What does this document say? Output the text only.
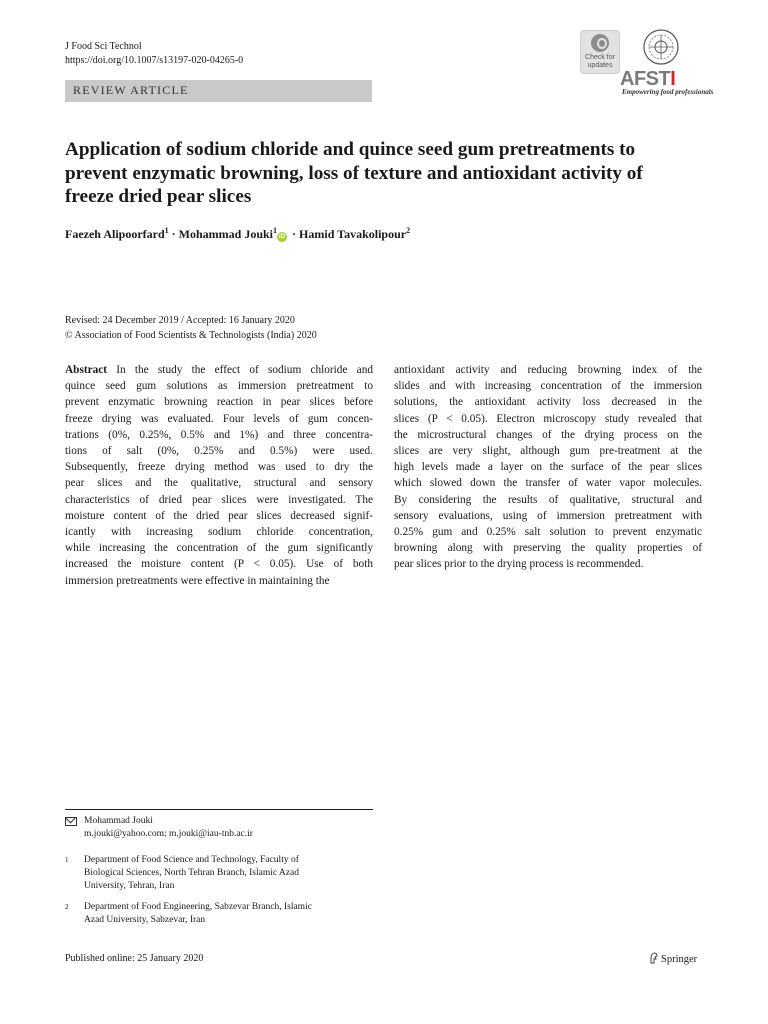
J Food Sci Technol
https://doi.org/10.1007/s13197-020-04265-0
REVIEW ARTICLE
Check for updates
AFSTI
Empowering food professionals
Application of sodium chloride and quince seed gum pretreatments to prevent enzymatic browning, loss of texture and antioxidant activity of freeze dried pear slices
Faezeh Alipoorfard$^1$ · Mohammad Jouki$^1$iD · Hamid Tavakolipour$^2$
Revised: 24 December 2019 / Accepted: 16 January 2020
© Association of Food Scientists & Technologists (India) 2020
Abstract In the study the effect of sodium chloride and
quince seed gum solutions as immersion pretreatment to
prevent enzymatic browning reaction in pear slices before
freeze drying was evaluated. Four levels of gum concen-
trations (0%, 0.25%, 0.5% and 1%) and three concentra-
tions of salt (0%, 0.25% and 0.5%) were used.
Subsequently, freeze drying method was used to dry the
pear slices and the qualitative, structural and sensory
characteristics of dried pear slices were investigated. The
moisture content of the dried pear slices decreased signif-
icantly with increasing sodium chloride concentration,
while increasing the concentration of the gum significantly
increased the moisture content (P < 0.05). Use of both
immersion pretreatments were effective in maintaining the
antioxidant activity and reducing browning index of the
slides and with increasing concentration of the immersion
solutions, the antioxidant activity loss decreased in the
slices (P < 0.05). Electron microscopy study revealed that
the microstructural changes of the drying process on the
slices are very slight, although gum pre-treatment at the
high levels made a layer on the surface of the pear slices
which slowed down the transfer of water vapor molecules.
By considering the results of qualitative, structural and
sensory evaluations, using of immersion pretreatment with
0.25% gum and 0.25% salt solution to prevent enzymatic
browning along with preserving the quality properties of
pear slices prior to the drying process is recommended.
Mohammad Jouki
m.jouki@yahoo.com; m.jouki@iau-tnb.ac.ir
1 Department of Food Science and Technology, Faculty of
Biological Sciences, North Tehran Branch, Islamic Azad
University, Tehran, Iran
2 Department of Food Engineering, Sabzevar Branch, Islamic
Azad University, Sabzevar, Iran
Published online: 25 January 2020	Springer
